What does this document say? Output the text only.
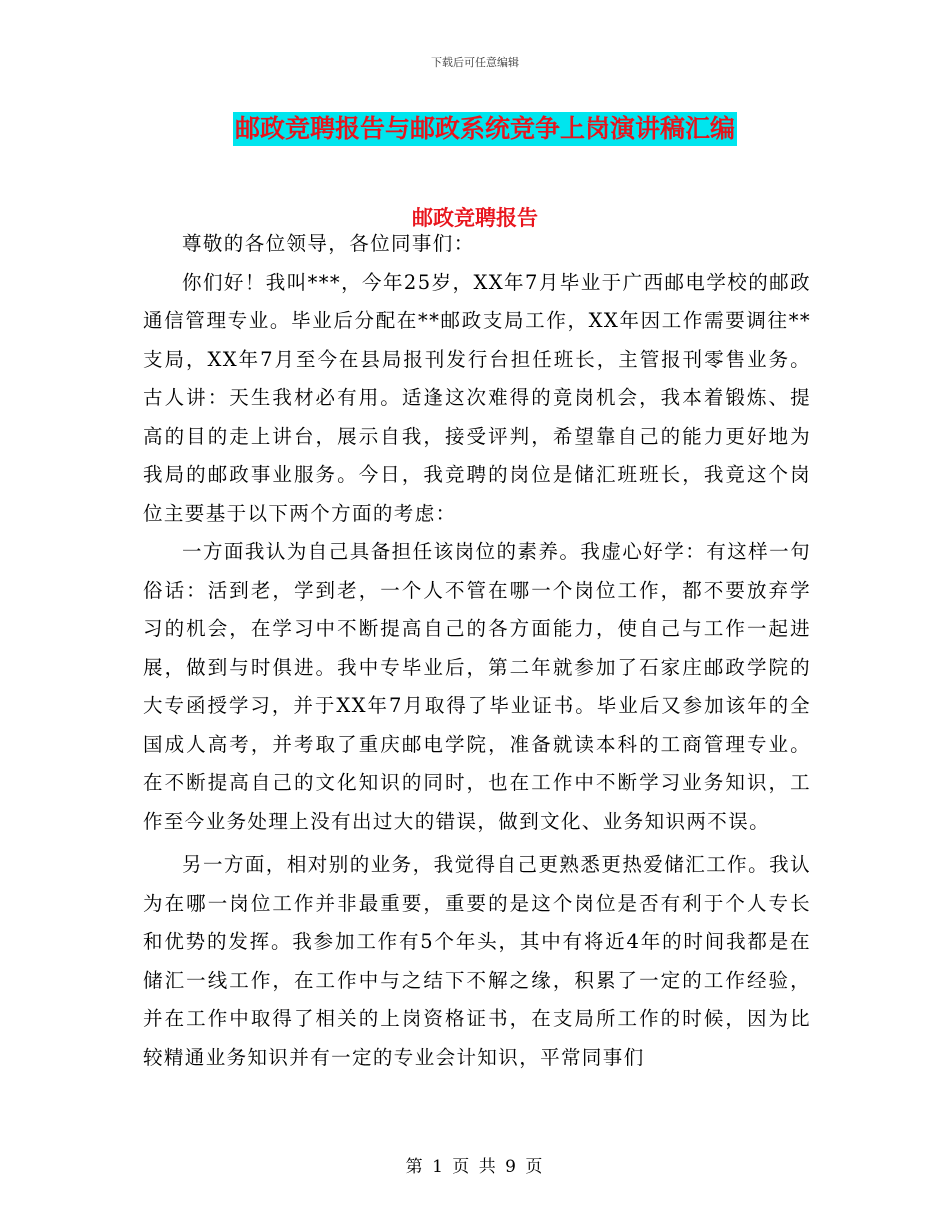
下载后可任意编辑
邮政竞聘报告与邮政系统竞争上岗演讲稿汇编
邮政竞聘报告

尊敬的各位领导，各位同事们：

你们好！我叫***，今年25岁，XX年7月毕业于广西邮电学校的邮政通信管理专业。毕业后分配在**邮政支局工作，XX年因工作需要调往**支局，XX年7月至今在县局报刊发行台担任班长，主管报刊零售业务。古人讲：天生我材必有用。适逢这次难得的竟岗机会，我本着锻炼、提高的目的走上讲台，展示自我，接受评判，希望靠自己的能力更好地为我局的邮政事业服务。今日，我竞聘的岗位是储汇班班长，我竟这个岗位主要基于以下两个方面的考虑：

一方面我认为自己具备担任该岗位的素养。我虚心好学：有这样一句俗话：活到老，学到老，一个人不管在哪一个岗位工作，都不要放弃学习的机会，在学习中不断提高自己的各方面能力，使自己与工作一起进展，做到与时俱进。我中专毕业后，第二年就参加了石家庄邮政学院的大专函授学习，并于XX年7月取得了毕业证书。毕业后又参加该年的全国成人高考，并考取了重庆邮电学院，准备就读本科的工商管理专业。在不断提高自己的文化知识的同时，也在工作中不断学习业务知识，工作至今业务处理上没有出过大的错误，做到文化、业务知识两不误。

另一方面，相对别的业务，我觉得自己更熟悉更热爱储汇工作。我认为在哪一岗位工作并非最重要，重要的是这个岗位是否有利于个人专长和优势的发挥。我参加工作有5个年头，其中有将近4年的时间我都是在储汇一线工作，在工作中与之结下不解之缘，积累了一定的工作经验，并在工作中取得了相关的上岗资格证书，在支局所工作的时候，因为比较精通业务知识并有一定的专业会计知识，平常同事们

第 1 页 共 9 页
